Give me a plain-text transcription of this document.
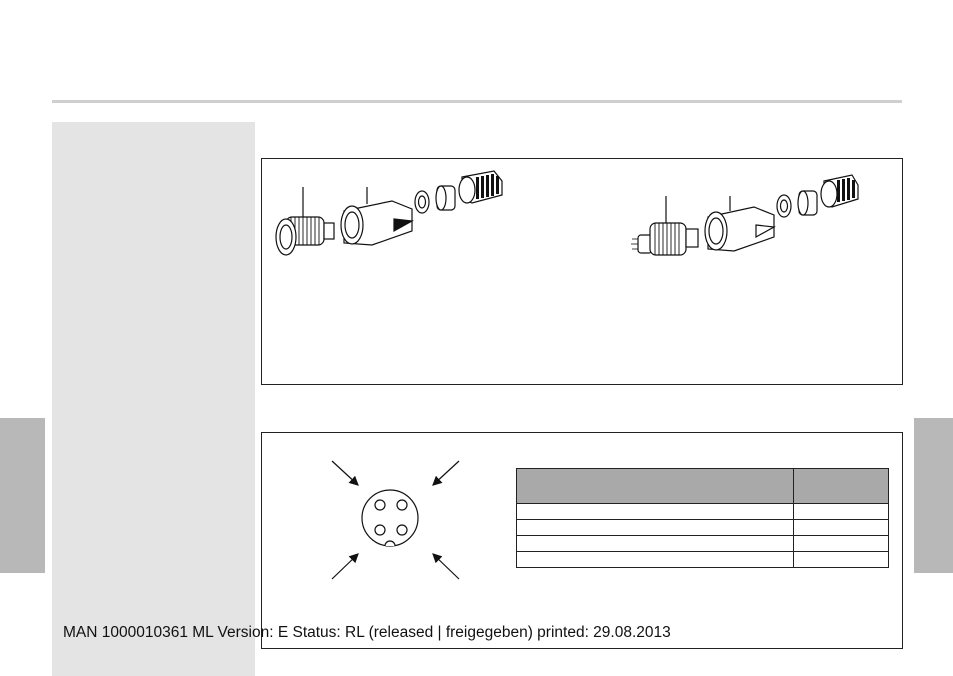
MAN 1000010361 ML Version: E Status: RL (released | freigegeben) printed: 29.08.2013
